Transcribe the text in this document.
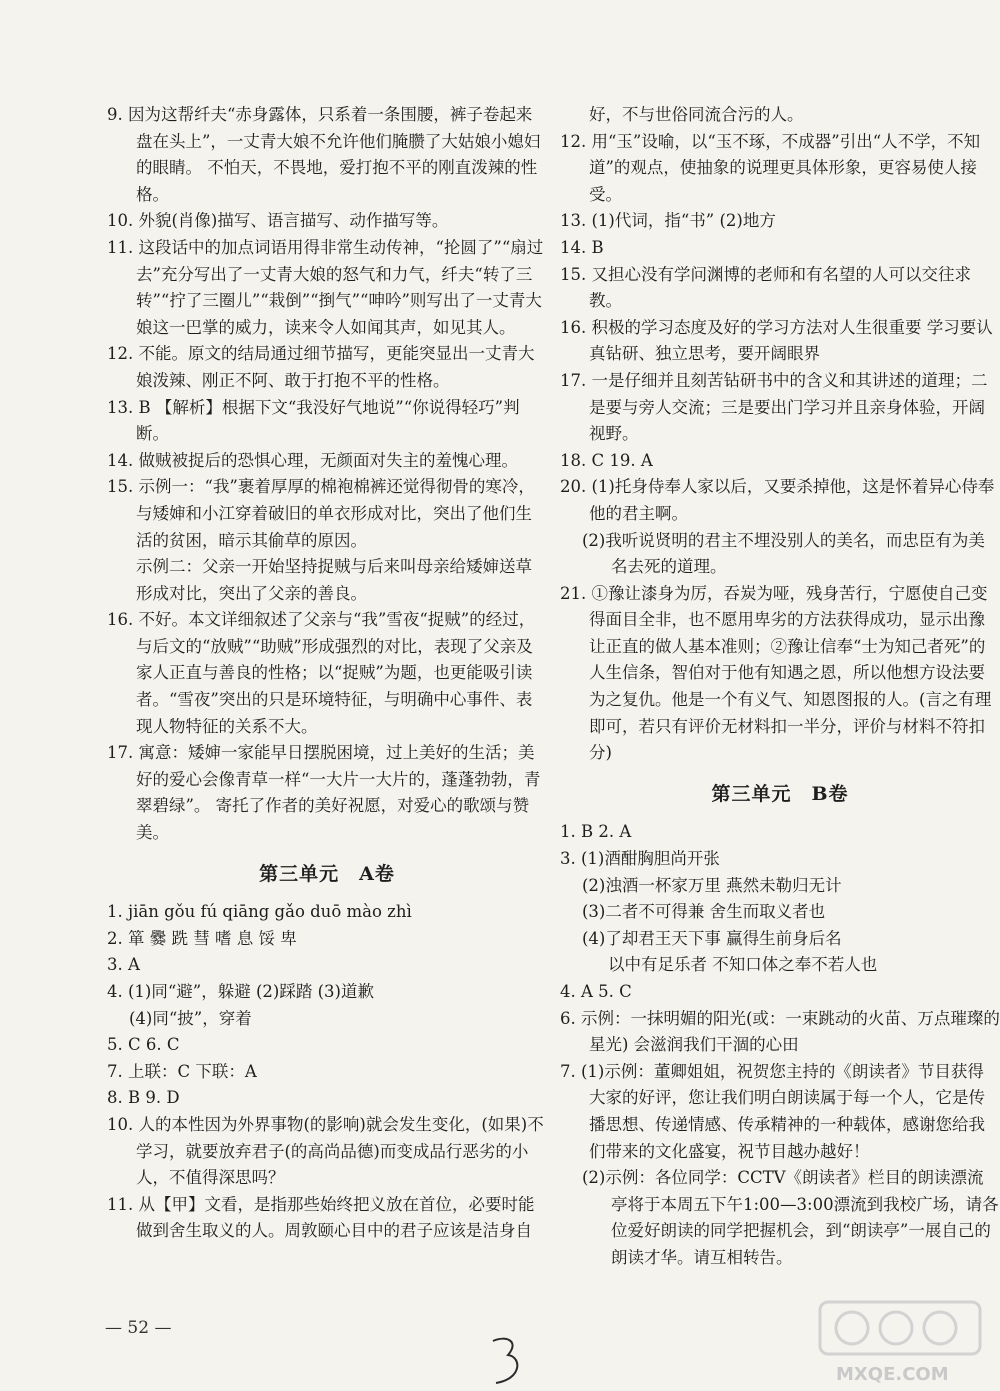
9. 因为这帮纤夫“赤身露体，只系着一条围腰，裤子卷起来盘在头上”，一丈青大娘不允许他们腌臜了大姑娘小媳妇的眼睛。 不怕天，不畏地，爱打抱不平的刚直泼辣的性格。

10. 外貌(肖像)描写、语言描写、动作描写等。

11. 这段话中的加点词语用得非常生动传神，“抡圆了”“扇过去”充分写出了一丈青大娘的怒气和力气，纤夫“转了三转”“拧了三圈儿”“栽倒”“捯气”“呻吟”则写出了一丈青大娘这一巴掌的威力，读来令人如闻其声，如见其人。

12. 不能。原文的结局通过细节描写，更能突显出一丈青大娘泼辣、刚正不阿、敢于打抱不平的性格。

13. B 【解析】根据下文“我没好气地说”“你说得轻巧”判断。

14. 做贼被捉后的恐惧心理，无颜面对失主的羞愧心理。

15. 示例一：“我”裹着厚厚的棉袍棉裤还觉得彻骨的寒冷，与矮婶和小江穿着破旧的单衣形成对比，突出了他们生活的贫困，暗示其偷草的原因。

示例二：父亲一开始坚持捉贼与后来叫母亲给矮婶送草形成对比，突出了父亲的善良。

16. 不好。本文详细叙述了父亲与“我”雪夜“捉贼”的经过，与后文的“放贼”“助贼”形成强烈的对比，表现了父亲及家人正直与善良的性格；以“捉贼”为题，也更能吸引读者。“雪夜”突出的只是环境特征，与明确中心事件、表现人物特征的关系不大。

17. 寓意：矮婶一家能早日摆脱困境，过上美好的生活；美好的爱心会像青草一样“一大片一大片的，蓬蓬勃勃，青翠碧绿”。 寄托了作者的美好祝愿，对爱心的歌颂与赞美。

第三单元　A卷

1. jiān gǒu fú qiāng gǎo duō mào zhì

2. 箪 爨 跣 彗 嗜 息 馁 卑

3. A

4. (1)同“避”，躲避 (2)踩踏 (3)道歉

(4)同“披”，穿着

5. C 6. C

7. 上联：C 下联：A

8. B 9. D

10. 人的本性因为外界事物(的影响)就会发生变化，(如果)不学习，就要放弃君子(的高尚品德)而变成品行恶劣的小人，不值得深思吗？

11. 从【甲】文看，是指那些始终把义放在首位，必要时能做到舍生取义的人。周敦颐心目中的君子应该是洁身自

好，不与世俗同流合污的人。

12. 用“玉”设喻，以“玉不琢，不成器”引出“人不学，不知道”的观点，使抽象的说理更具体形象，更容易使人接受。

13. (1)代词，指“书” (2)地方

14. B

15. 又担心没有学问渊博的老师和有名望的人可以交往求教。

16. 积极的学习态度及好的学习方法对人生很重要 学习要认真钻研、独立思考，要开阔眼界

17. 一是仔细并且刻苦钻研书中的含义和其讲述的道理；二是要与旁人交流；三是要出门学习并且亲身体验，开阔视野。

18. C 19. A

20. (1)托身侍奉人家以后，又要杀掉他，这是怀着异心侍奉他的君主啊。

(2)我听说贤明的君主不埋没别人的美名，而忠臣有为美名去死的道理。

21. ①豫让漆身为厉，吞炭为哑，残身苦行，宁愿使自己变得面目全非，也不愿用卑劣的方法获得成功，显示出豫让正直的做人基本准则；②豫让信奉“士为知己者死”的人生信条，智伯对于他有知遇之恩，所以他想方设法要为之复仇。他是一个有义气、知恩图报的人。(言之有理即可，若只有评价无材料扣一半分，评价与材料不符扣分)

第三单元　B卷

1. B 2. A

3. (1)酒酣胸胆尚开张

(2)浊酒一杯家万里 燕然未勒归无计

(3)二者不可得兼 舍生而取义者也

(4)了却君王天下事 赢得生前身后名

以中有足乐者 不知口体之奉不若人也

4. A 5. C

6. 示例：一抹明媚的阳光(或：一束跳动的火苗、万点璀璨的星光) 会滋润我们干涸的心田

7. (1)示例：董卿姐姐，祝贺您主持的《朗读者》节目获得大家的好评，您让我们明白朗读属于每一个人，它是传播思想、传递情感、传承精神的一种载体，感谢您给我们带来的文化盛宴，祝节目越办越好！

(2)示例：各位同学：CCTV《朗读者》栏目的朗读漂流亭将于本周五下午1:00—3:00漂流到我校广场，请各位爱好朗读的同学把握机会，到“朗读亭”一展自己的朗读才华。请互相转告。

— 52 —
MXQE.COM
